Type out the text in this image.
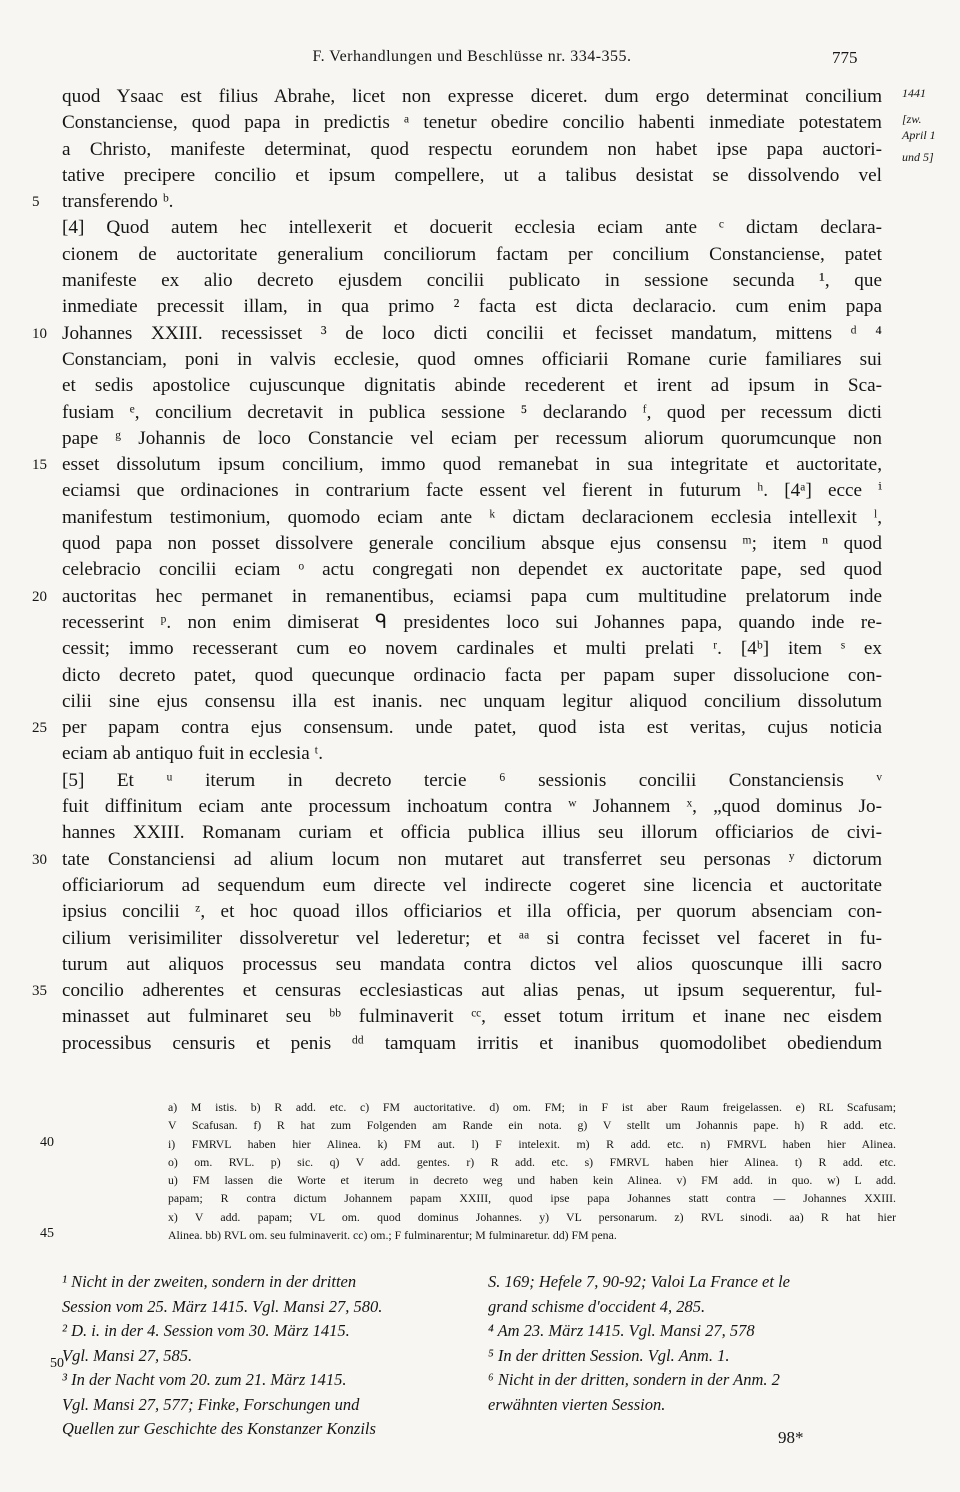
F. Verhandlungen und Beschlüsse nr. 334-355.	775
1441
[zw.
April 1
und 5]
quod Ysaac est filius Abrahe, licet non expresse diceret. dum ergo determinat concilium
Constanciense, quod papa in predictis ᵃ tenetur obedire concilio habenti inmediate potestatem
a Christo, manifeste determinat, quod respectu eorundem non habet ipse papa auctori-
tative precipere concilio et ipsum compellere, ut a talibus desistat se dissolvendo vel
5	transferendo ᵇ.
[4] Quod autem hec intellexerit et docuerit ecclesia eciam ante ᶜ dictam declara-
cionem de auctoritate generalium conciliorum factam per concilium Constanciense, patet
manifeste ex alio decreto ejusdem concilii publicato in sessione secunda ¹, que
inmediate precessit illam, in qua primo ² facta est dicta declaracio. cum enim papa
10 Johannes XXIII. recessisset ³ de loco dicti concilii et fecisset mandatum, mittens ᵈ ⁴
Constanciam, poni in valvis ecclesie, quod omnes officiarii Romane curie familiares sui
et sedis apostolice cujuscunque dignitatis abinde recederent et irent ad ipsum in Sca-
fusiam ᵉ, concilium decretavit in publica sessione ⁵ declarando ᶠ, quod per recessum dicti
pape ᵍ Johannis de loco Constancie vel eciam per recessum aliorum quorumcunque non
15 esset dissolutum ipsum concilium, immo quod remanebat in sua integritate et auctoritate,
eciamsi que ordinaciones in contrarium facte essent vel fierent in futurum ʰ. [4ᵃ] ecce ⁱ
manifestum testimonium, quomodo eciam ante ᵏ dictam declaracionem ecclesia intellexit ˡ,
quod papa non posset dissolvere generale concilium absque ejus consensu ᵐ; item ⁿ quod
celebracio concilii eciam ᵒ actu congregati non dependet ex auctoritate pape, sed quod
20 auctoritas hec permanet in remanentibus, eciamsi papa cum multitudine prelatorum inde
recesserint ᵖ. non enim dimiserat ᑫ presidentes loco sui Johannes papa, quando inde re-
cessit; immo recesserant cum eo novem cardinales et multi prelati ʳ. [4ᵇ] item ˢ ex
dicto decreto patet, quod quecunque ordinacio facta per papam super dissolucione con-
cilii sine ejus consensu illa est inanis. nec unquam legitur aliquod concilium dissolutum
25 per papam contra ejus consensum. unde patet, quod ista est veritas, cujus noticia
eciam ab antiquo fuit in ecclesia ᵗ.
[5] Et ᵘ iterum in decreto tercie ⁶ sessionis concilii Constanciensis ᵛ
fuit diffinitum eciam ante processum inchoatum contra ʷ Johannem ˣ, „quod dominus Jo-
hannes XXIII. Romanam curiam et officia publica illius seu illorum officiarios de civi-
30 tate Constanciensi ad alium locum non mutaret aut transferret seu personas ʸ dictorum
officiariorum ad sequendum eum directe vel indirecte cogeret sine licencia et auctoritate
ipsius concilii ᶻ, et hoc quoad illos officiarios et illa officia, per quorum absenciam con-
cilium verisimiliter dissolveretur vel lederetur; et ᵃᵃ si contra fecisset vel faceret in fu-
turum aut aliquos processus seu mandata contra dictos vel alios quoscunque illi sacro
35 concilio adherentes et censuras ecclesiasticas aut alias penas, ut ipsum sequerentur, ful-
minasset aut fulminaret seu ᵇᵇ fulminaverit ᶜᶜ, esset totum irritum et inane nec eisdem
processibus censuris et penis ᵈᵈ tamquam irritis et inanibus quomodolibet obediendum
40
45
a) M istis. b) R add. etc. c) FM auctoritative. d) om. FM; in F ist aber Raum freigelassen. e) RL Scafusam;
V Scafusan. f) R hat zum Folgenden am Rande ein nota. g) V stellt um Johannis pape. h) R add. etc.
i) FMRVL haben hier Alinea. k) FM aut. l) F intelexit. m) R add. etc. n) FMRVL haben hier Alinea.
o) om. RVL. p) sic. q) V add. gentes. r) R add. etc. s) FMRVL haben hier Alinea. t) R add. etc.
u) FM lassen die Worte et iterum in decreto weg und haben kein Alinea. v) FM add. in quo. w) L add.
papam; R contra dictum Johannem papam XXIII, quod ipse papa Johannes statt contra — Johannes XXIII.
x) V add. papam; VL om. quod dominus Johannes. y) VL personarum. z) RVL sinodi. aa) R hat hier
Alinea. bb) RVL om. seu fulminaverit. cc) om.; F fulminarentur; M fulminaretur. dd) FM pena.
50
¹ Nicht in der zweiten, sondern in der dritten
Session vom 25. März 1415. Vgl. Mansi 27, 580.
² D. i. in der 4. Session vom 30. März 1415.
Vgl. Mansi 27, 585.
³ In der Nacht vom 20. zum 21. März 1415.
Vgl. Mansi 27, 577; Finke, Forschungen und
Quellen zur Geschichte des Konstanzer Konzils
S. 169; Hefele 7, 90-92; Valoi La France et le
grand schisme d'occident 4, 285.
⁴ Am 23. März 1415. Vgl. Mansi 27, 578
⁵ In der dritten Session. Vgl. Anm. 1.
⁶ Nicht in der dritten, sondern in der Anm. 2
erwähnten vierten Session.
98*
